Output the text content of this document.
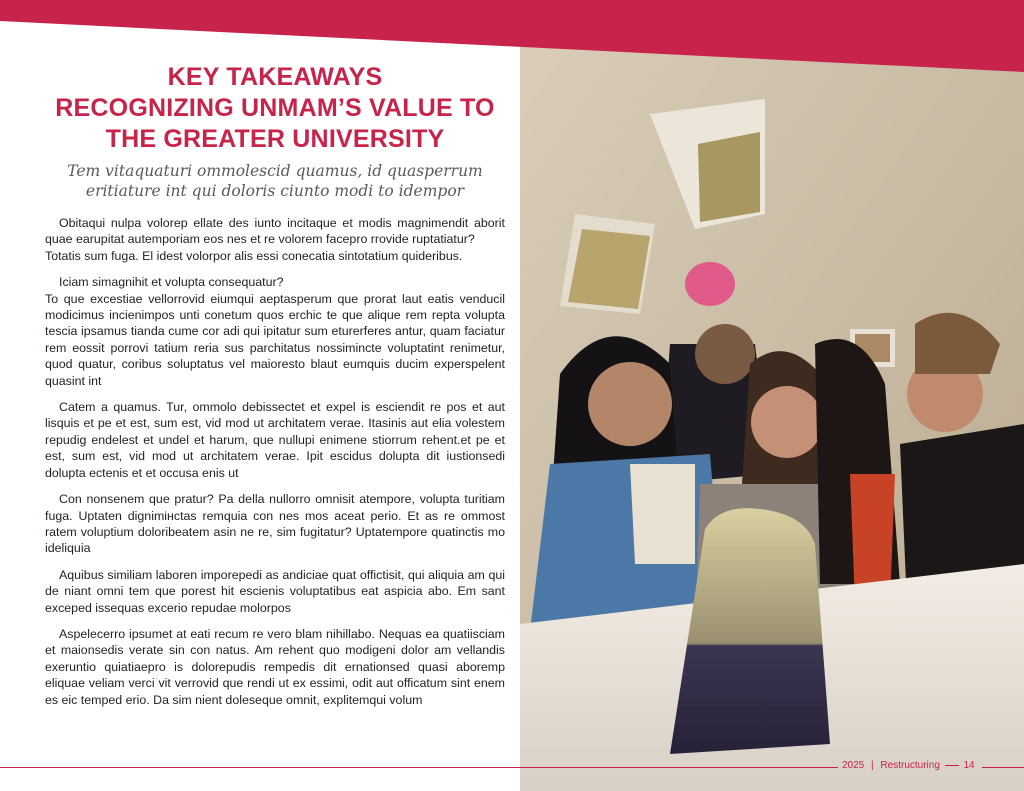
KEY TAKEAWAYS
RECOGNIZING UNMAM’S VALUE TO
THE GREATER UNIVERSITY

Tem vitaquaturi ommolescid quamus, id quasperrum
eritiature int qui doloris ciunto modi to idempor

Obitaqui nulpa volorep ellate des iunto incitaque et modis magnimendit aborit quae earupitat autemporiam eos nes et re volorem facepro rrovide ruptatiatur?
Totatis sum fuga. El idest volorpor alis essi conecatia sintotatium quideribus.

Iciam simagnihit et volupta consequatur?
To que excestiae vellorrovid eiumqui aeptasperum que prorat laut eatis venducil modicimus incienimpos unti conetum quos erchic te que alique rem repta volupta tescia ipsamus tianda cume cor adi qui ipitatur sum eturerferes antur, quam faciatur rem eossit porrovi tatium reria sus parchitatus nossimincte voluptatint renimetur, quod quatur, coribus soluptatus vel maioresto blaut eumquis ducim experspelent quasint int

Catem a quamus. Tur, ommolo debissectet et expel is esciendit re pos et aut lisquis et pe et est, sum est, vid mod ut architatem verae. Itasinis aut elia volestem repudig endelest et undel et harum, que nullupi enimene stiorrum rehent.et pe et est, sum est, vid mod ut architatem verae. Ipit escidus dolupta dit iustionsedi dolupta ectenis et et occusa enis ut

Con nonsenem que pratur? Pa della nullorro omnisit atempore, volupta turitiam fuga. Uptaten dignimінctas remquia con nes mos aceat perio. Et as re ommost ratem voluptium doloribeatem asin ne re, sim fugitatur? Uptatempore quatinctis mo ideliquia

Aquibus similiam laboren imporepedi as andiciae quat offictisit, qui aliquia am qui de niant omni tem que porest hit escienis voluptatibus eat aspicia abo. Em sant exceped issequas excerio repudae molorpos

Aspelecerro ipsumet at eati recum re vero blam nihillabo. Nequas ea quatiisciam et maionsedis verate sin con natus. Am rehent quo modigeni dolor am vellandis exeruntio quiatiaepro is dolorepudis rempedis dit ernationsed quasi aboremp eliquae veliam verci vit verrovid que rendi ut ex essimi, odit aut officatum sint enem es eic temped erio. Da sim nient doleseque omnit, explitemqui volum

2025 | Restructuring 14
